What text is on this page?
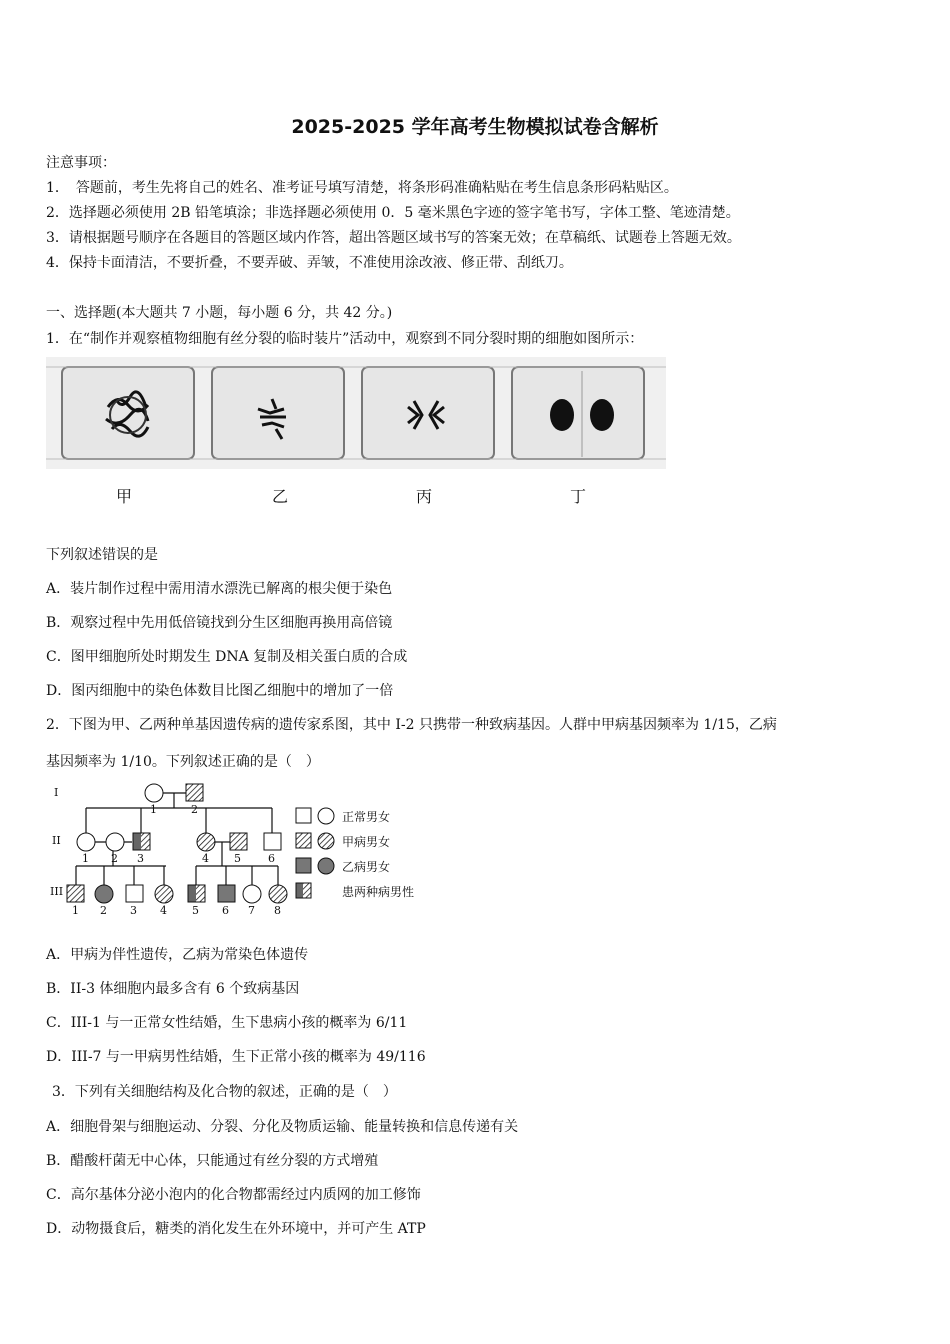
2025-2025 学年高考生物模拟试卷含解析
注意事项：
1．　答题前，考生先将自己的姓名、准考证号填写清楚，将条形码准确粘贴在考生信息条形码粘贴区。
2．选择题必须使用 2B 铅笔填涂；非选择题必须使用 0．5 毫米黑色字迹的签字笔书写，字体工整、笔迹清楚。
3．请根据题号顺序在各题目的答题区域内作答，超出答题区域书写的答案无效；在草稿纸、试题卷上答题无效。
4．保持卡面清洁，不要折叠，不要弄破、弄皱，不准使用涂改液、修正带、刮纸刀。
一、选择题(本大题共 7 小题，每小题 6 分，共 42 分。)
1．在“制作并观察植物细胞有丝分裂的临时装片”活动中，观察到不同分裂时期的细胞如图所示：
甲	乙	丙	丁
下列叙述错误的是
A．装片制作过程中需用清水漂洗已解离的根尖便于染色
B．观察过程中先用低倍镜找到分生区细胞再换用高倍镜
C．图甲细胞所处时期发生 DNA 复制及相关蛋白质的合成
D．图丙细胞中的染色体数目比图乙细胞中的增加了一倍
2．下图为甲、乙两种单基因遗传病的遗传家系图，其中 I-2 只携带一种致病基因。人群中甲病基因频率为 1/15，乙病
基因频率为 1/10。下列叙述正确的是（　）
I
II
III
1	2
1 2 3	4 5 6
1 2 3 4 5 6 7 8
正常男女
甲病男女
乙病男女
患两种病男性
A．甲病为伴性遗传，乙病为常染色体遗传
B．II-3 体细胞内最多含有 6 个致病基因
C．III-1 与一正常女性结婚，生下患病小孩的概率为 6/11
D．III-7 与一甲病男性结婚，生下正常小孩的概率为 49/116
3．下列有关细胞结构及化合物的叙述，正确的是（　）
A．细胞骨架与细胞运动、分裂、分化及物质运输、能量转换和信息传递有关
B．醋酸杆菌无中心体，只能通过有丝分裂的方式增殖
C．高尔基体分泌小泡内的化合物都需经过内质网的加工修饰
D．动物摄食后，糖类的消化发生在外环境中，并可产生 ATP
